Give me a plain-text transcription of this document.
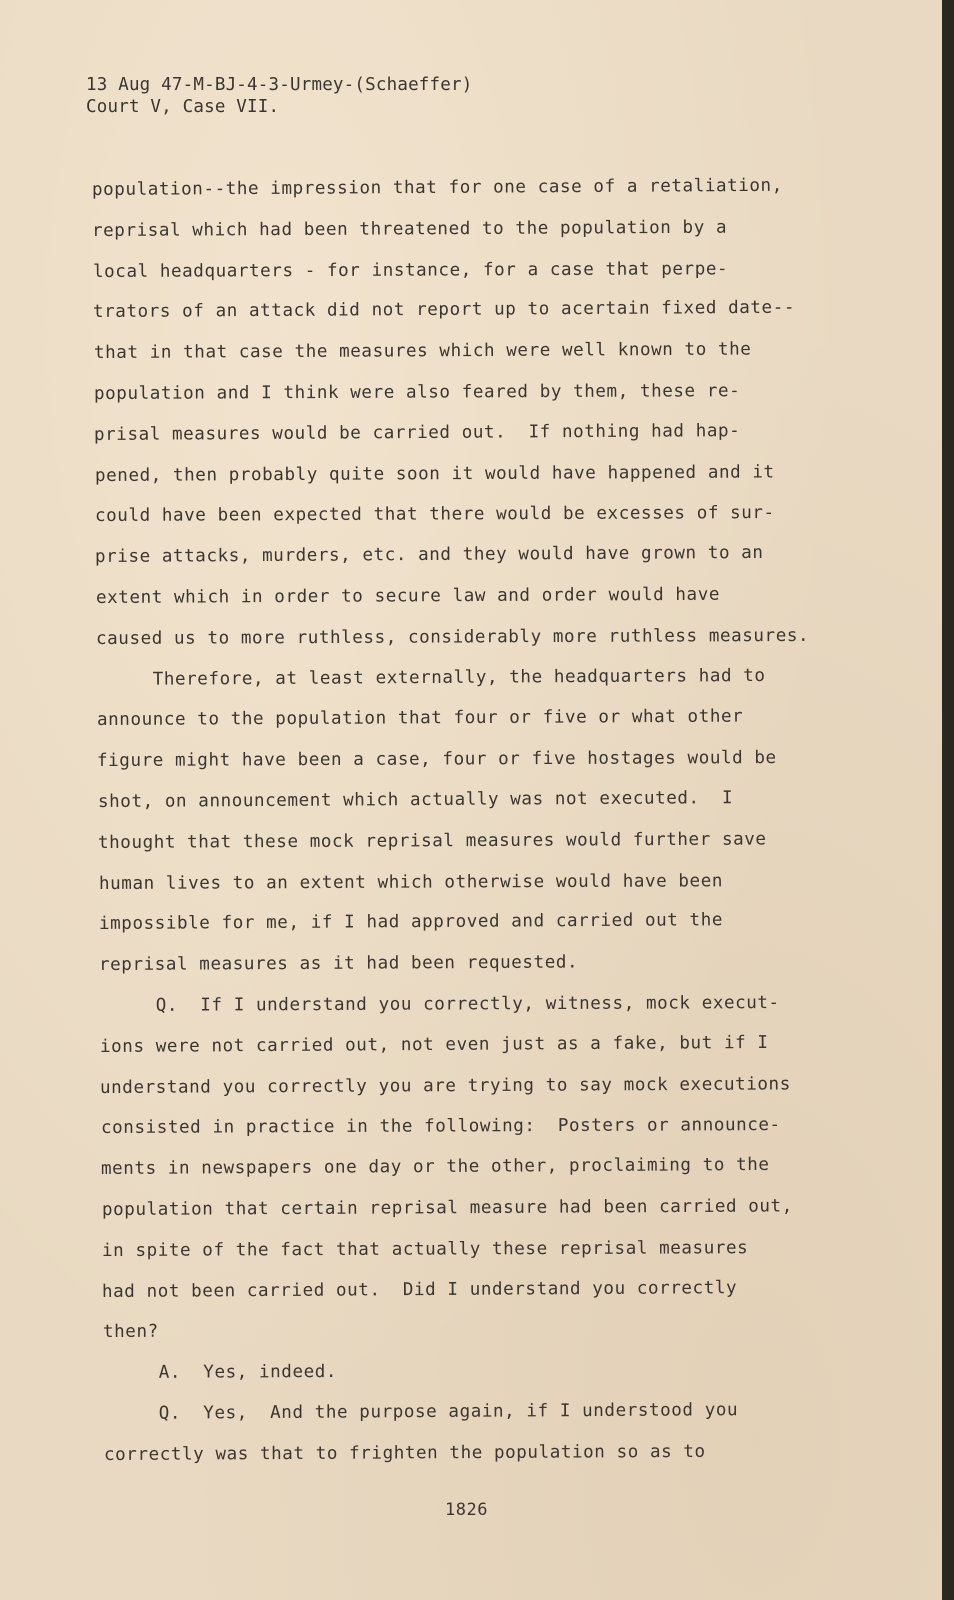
13 Aug 47-M-BJ-4-3-Urmey-(Schaeffer)
Court V, Case VII.
population--the impression that for one case of a retaliation,
reprisal which had been threatened to the population by a
local headquarters - for instance, for a case that perpe-
trators of an attack did not report up to acertain fixed date--
that in that case the measures which were well known to the
population and I think were also feared by them, these re-
prisal measures would be carried out.  If nothing had hap-
pened, then probably quite soon it would have happened and it
could have been expected that there would be excesses of sur-
prise attacks, murders, etc. and they would have grown to an
extent which in order to secure law and order would have
caused us to more ruthless, considerably more ruthless measures.
Therefore, at least externally, the headquarters had to
announce to the population that four or five or what other
figure might have been a case, four or five hostages would be
shot, on announcement which actually was not executed.  I
thought that these mock reprisal measures would further save
human lives to an extent which otherwise would have been
impossible for me, if I had approved and carried out the
reprisal measures as it had been requested.
Q.  If I understand you correctly, witness, mock execut-
ions were not carried out, not even just as a fake, but if I
understand you correctly you are trying to say mock executions
consisted in practice in the following:  Posters or announce-
ments in newspapers one day or the other, proclaiming to the
population that certain reprisal measure had been carried out,
in spite of the fact that actually these reprisal measures
had not been carried out.  Did I understand you correctly
then?
A.  Yes, indeed.
Q.  Yes,  And the purpose again, if I understood you
correctly was that to frighten the population so as to
1826
